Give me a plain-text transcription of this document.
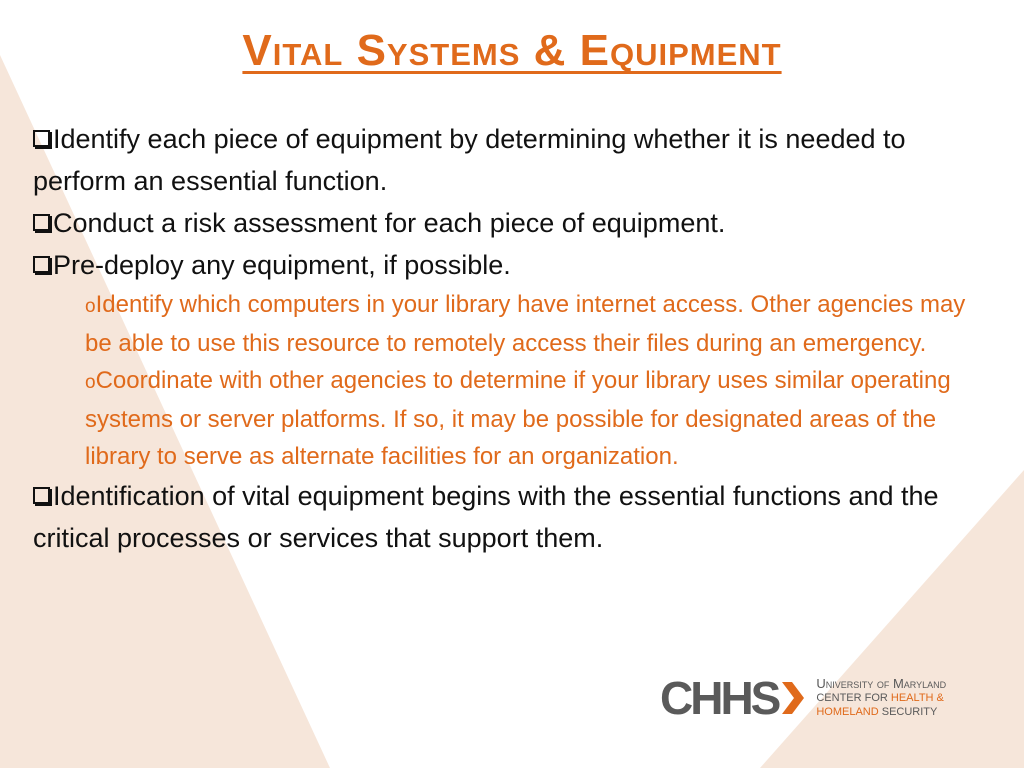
Vital Systems & Equipment

Identify each piece of equipment by determining whether it is needed to perform an essential function.

Conduct a risk assessment for each piece of equipment.

Pre-deploy any equipment, if possible.

oIdentify which computers in your library have internet access. Other agencies may be able to use this resource to remotely access their files during an emergency.

oCoordinate with other agencies to determine if your library uses similar operating systems or server platforms. If so, it may be possible for designated areas of the library to serve as alternate facilities for an organization.

Identification of vital equipment begins with the essential functions and the critical processes or services that support them.

CHHS	University of Maryland
CENTER FOR HEALTH &
HOMELAND SECURITY
